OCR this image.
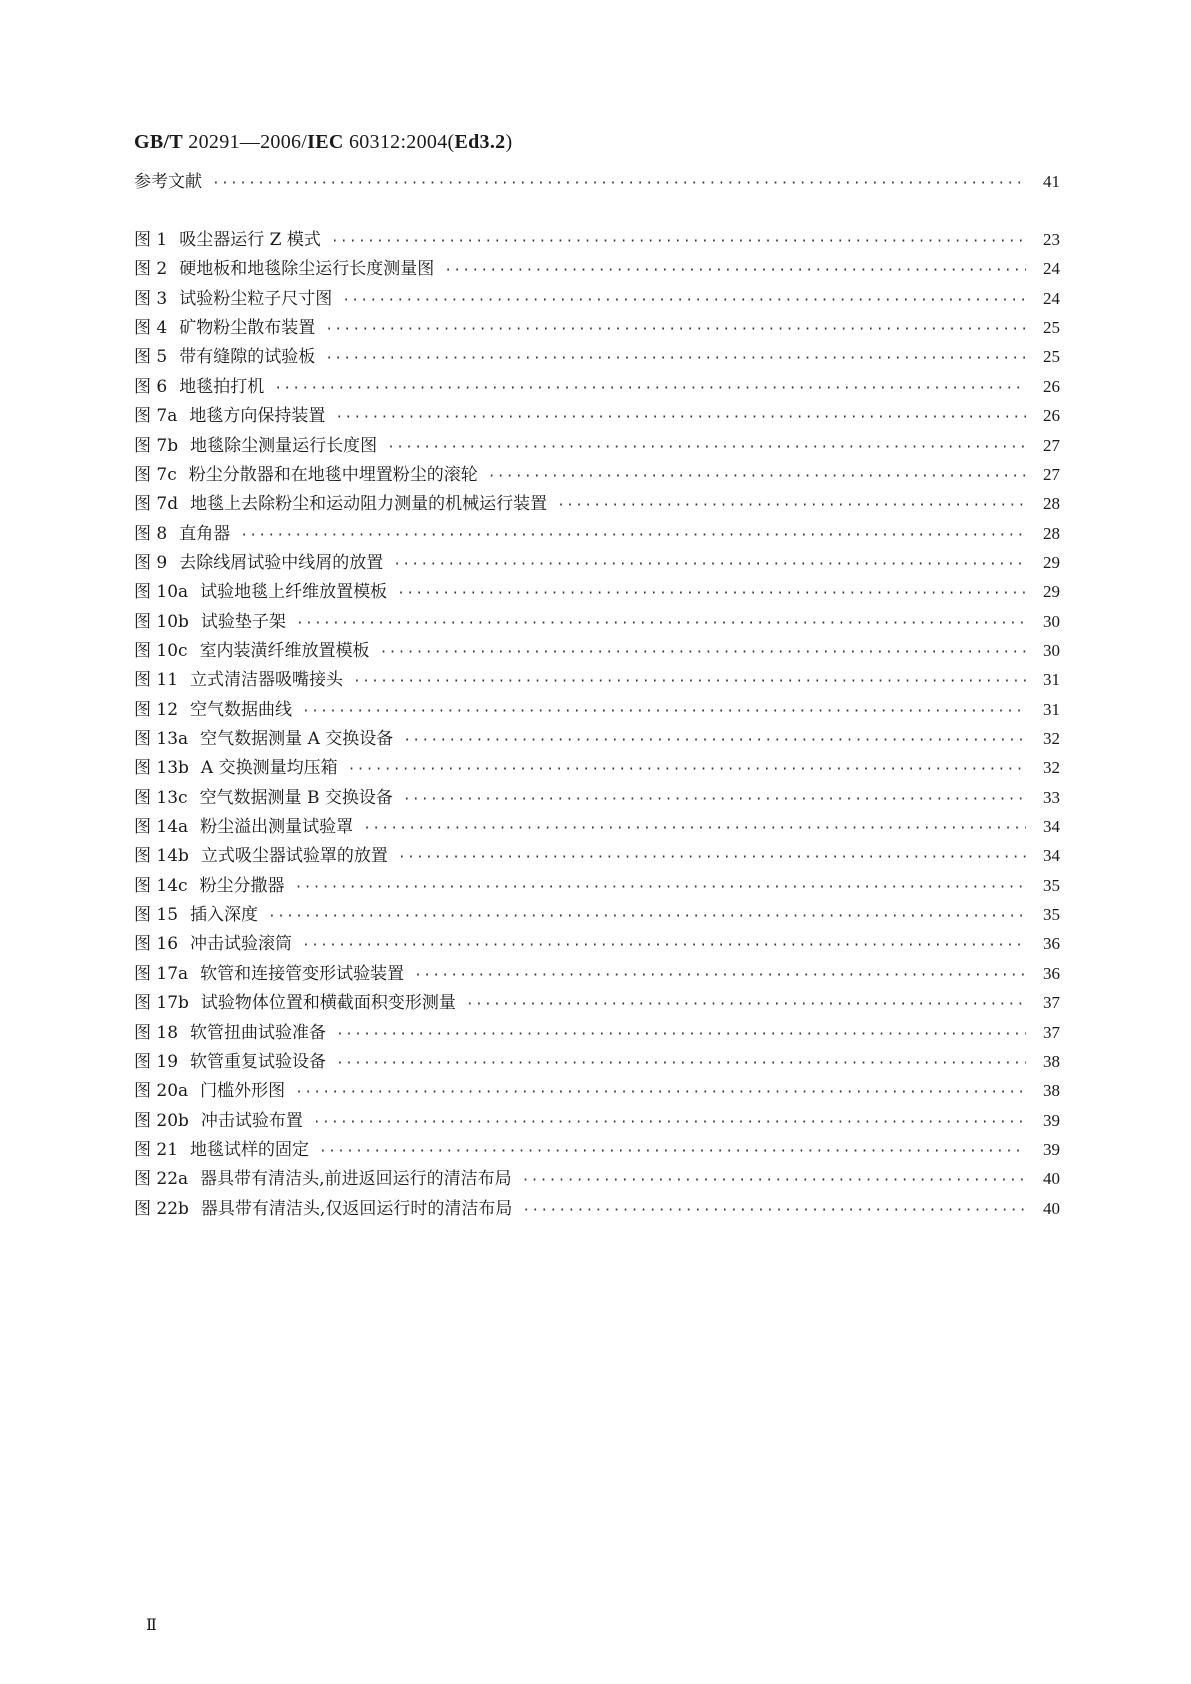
GB/T 20291—2006/IEC 60312:2004(Ed3.2)
参考文献 ·····	41
图 1 吸尘器运行 Z 模式 ·····	23
图 2 硬地板和地毯除尘运行长度测量图 ·····	24
图 3 试验粉尘粒子尺寸图 ·····	24
图 4 矿物粉尘散布装置 ·····	25
图 5 带有缝隙的试验板 ·····	25
图 6 地毯拍打机 ·····	26
图 7a 地毯方向保持装置 ·····	26
图 7b 地毯除尘测量运行长度图 ·····	27
图 7c 粉尘分散器和在地毯中埋置粉尘的滚轮 ·····	27
图 7d 地毯上去除粉尘和运动阻力测量的机械运行装置 ·····	28
图 8 直角器 ·····	28
图 9 去除线屑试验中线屑的放置 ·····	29
图 10a 试验地毯上纤维放置模板 ·····	29
图 10b 试验垫子架 ·····	30
图 10c 室内装潢纤维放置模板 ·····	30
图 11 立式清洁器吸嘴接头 ·····	31
图 12 空气数据曲线 ·····	31
图 13a 空气数据测量 A 交换设备 ·····	32
图 13b A 交换测量均压箱 ·····	32
图 13c 空气数据测量 B 交换设备 ·····	33
图 14a 粉尘溢出测量试验罩 ·····	34
图 14b 立式吸尘器试验罩的放置 ·····	34
图 14c 粉尘分撒器 ·····	35
图 15 插入深度 ·····	35
图 16 冲击试验滚筒 ·····	36
图 17a 软管和连接管变形试验装置 ·····	36
图 17b 试验物体位置和横截面积变形测量 ·····	37
图 18 软管扭曲试验准备 ·····	37
图 19 软管重复试验设备 ·····	38
图 20a 门槛外形图 ·····	38
图 20b 冲击试验布置 ·····	39
图 21 地毯试样的固定 ·····	39
图 22a 器具带有清洁头,前进返回运行的清洁布局 ·····	40
图 22b 器具带有清洁头,仅返回运行时的清洁布局 ·····	40
Ⅱ
